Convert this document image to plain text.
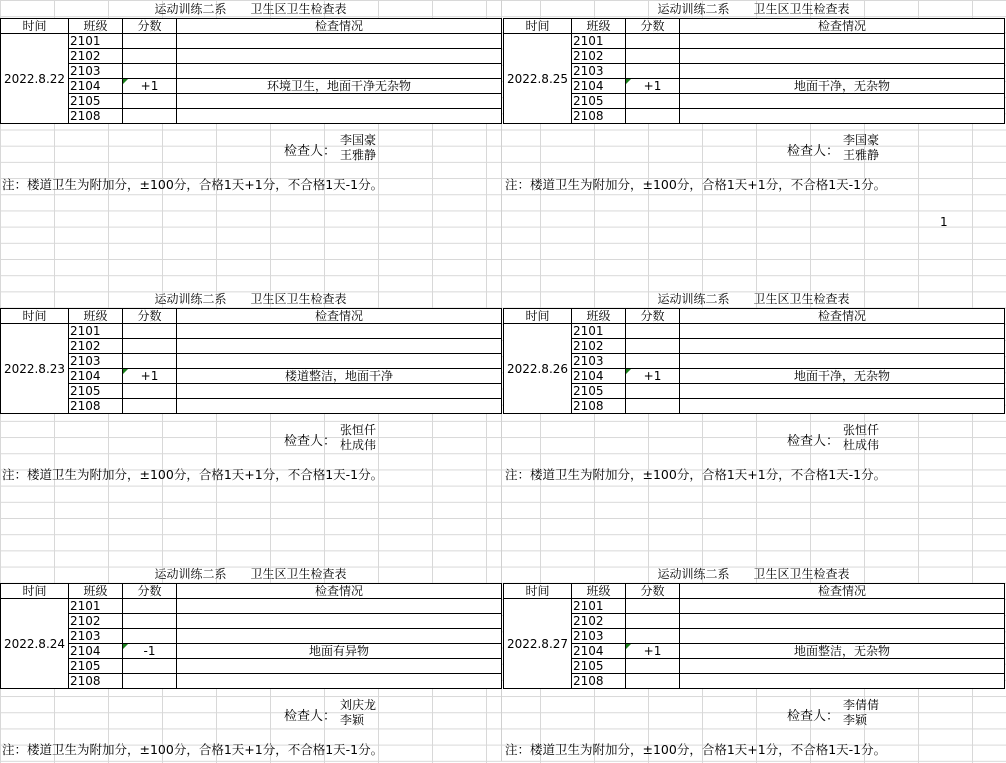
运动训练二系　　卫生区卫生检查表
时间	班级	分数	检查情况
2022.8.22	2101		
	2102		
	2103		
	2104	+1	环境卫生，地面干净无杂物
	2105		
	2108		
检查人：
李国豪
王雅静
注：楼道卫生为附加分，±100分，合格1天+1分，不合格1天-1分。
运动训练二系　　卫生区卫生检查表
时间	班级	分数	检查情况
2022.8.25	2101		
	2102		
	2103		
	2104	+1	地面干净，无杂物
	2105		
	2108		
检查人：
李国豪
王雅静
注：楼道卫生为附加分，±100分，合格1天+1分，不合格1天-1分。
运动训练二系　　卫生区卫生检查表
时间	班级	分数	检查情况
2022.8.23	2101		
	2102		
	2103		
	2104	+1	楼道整洁，地面干净
	2105		
	2108		
检查人：
张恒仟
杜成伟
注：楼道卫生为附加分，±100分，合格1天+1分，不合格1天-1分。
运动训练二系　　卫生区卫生检查表
时间	班级	分数	检查情况
2022.8.26	2101		
	2102		
	2103		
	2104	+1	地面干净，无杂物
	2105		
	2108		
检查人：
张恒仟
杜成伟
注：楼道卫生为附加分，±100分，合格1天+1分，不合格1天-1分。
运动训练二系　　卫生区卫生检查表
时间	班级	分数	检查情况
2022.8.24	2101		
	2102		
	2103		
	2104	-1	地面有异物
	2105		
	2108		
检查人：
刘庆龙
李颖
注：楼道卫生为附加分，±100分，合格1天+1分，不合格1天-1分。
运动训练二系　　卫生区卫生检查表
时间	班级	分数	检查情况
2022.8.27	2101		
	2102		
	2103		
	2104	+1	地面整洁，无杂物
	2105		
	2108		
检查人：
李倩倩
李颖
注：楼道卫生为附加分，±100分，合格1天+1分，不合格1天-1分。
1
